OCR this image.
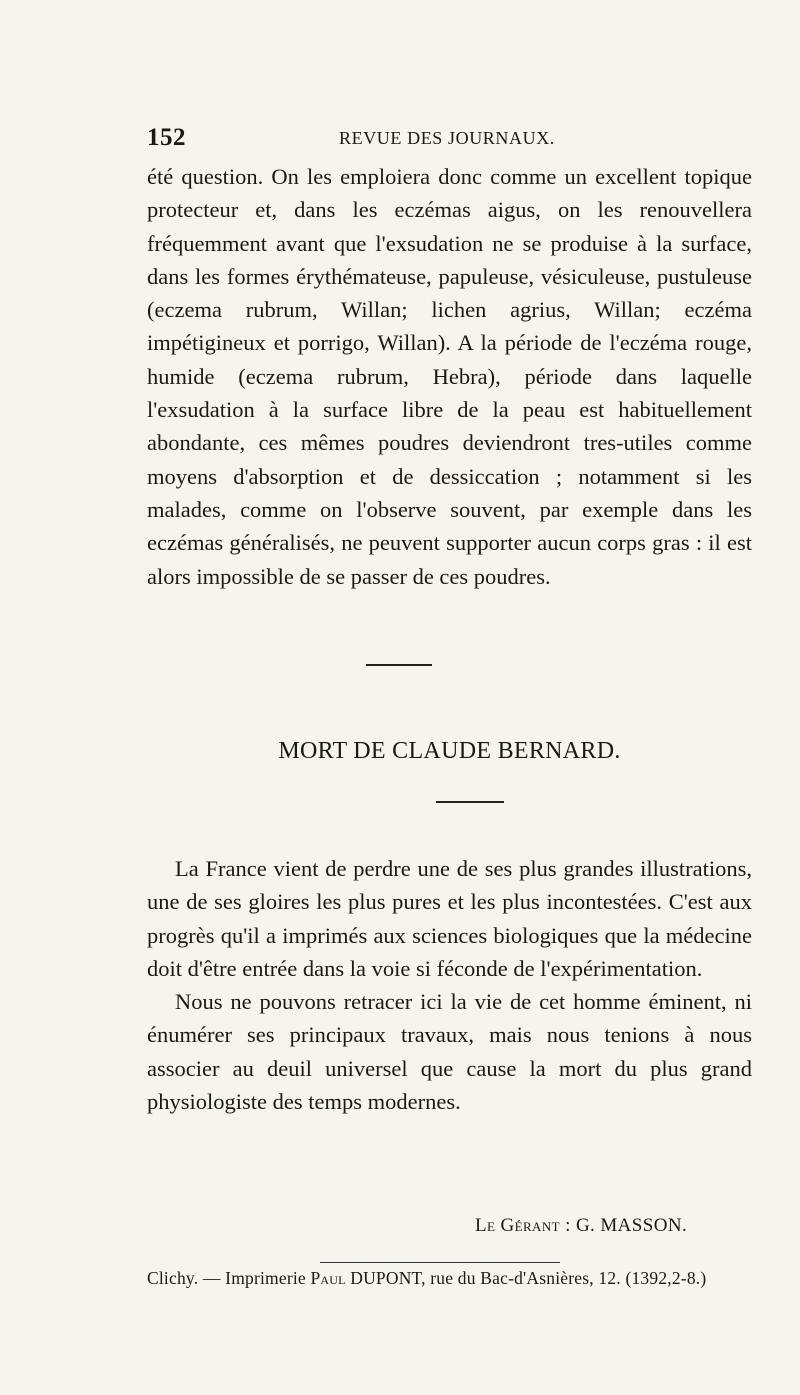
152	REVUE DES JOURNAUX.

été question. On les emploiera donc comme un excellent topique protecteur et, dans les eczémas aigus, on les renouvellera fréquemment avant que l'exsudation ne se produise à la surface, dans les formes érythémateuse, papuleuse, vésiculeuse, pustuleuse (eczema rubrum, Willan; lichen agrius, Willan; eczéma impétigineux et porrigo, Willan). A la période de l'eczéma rouge, humide (eczema rubrum, Hebra), période dans laquelle l'exsudation à la surface libre de la peau est habituellement abondante, ces mêmes poudres deviendront tres-utiles comme moyens d'absorption et de dessiccation ; notamment si les malades, comme on l'observe souvent, par exemple dans les eczémas généralisés, ne peuvent supporter aucun corps gras : il est alors impossible de se passer de ces poudres.

MORT DE CLAUDE BERNARD.

La France vient de perdre une de ses plus grandes illustrations, une de ses gloires les plus pures et les plus incontestées. C'est aux progrès qu'il a imprimés aux sciences biologiques que la médecine doit d'être entrée dans la voie si féconde de l'expérimentation.

Nous ne pouvons retracer ici la vie de cet homme éminent, ni énumérer ses principaux travaux, mais nous tenions à nous associer au deuil universel que cause la mort du plus grand physiologiste des temps modernes.

Le Gérant : G. MASSON.
Clichy. — Imprimerie Paul DUPONT, rue du Bac-d'Asnières, 12. (1392,2-8.)
